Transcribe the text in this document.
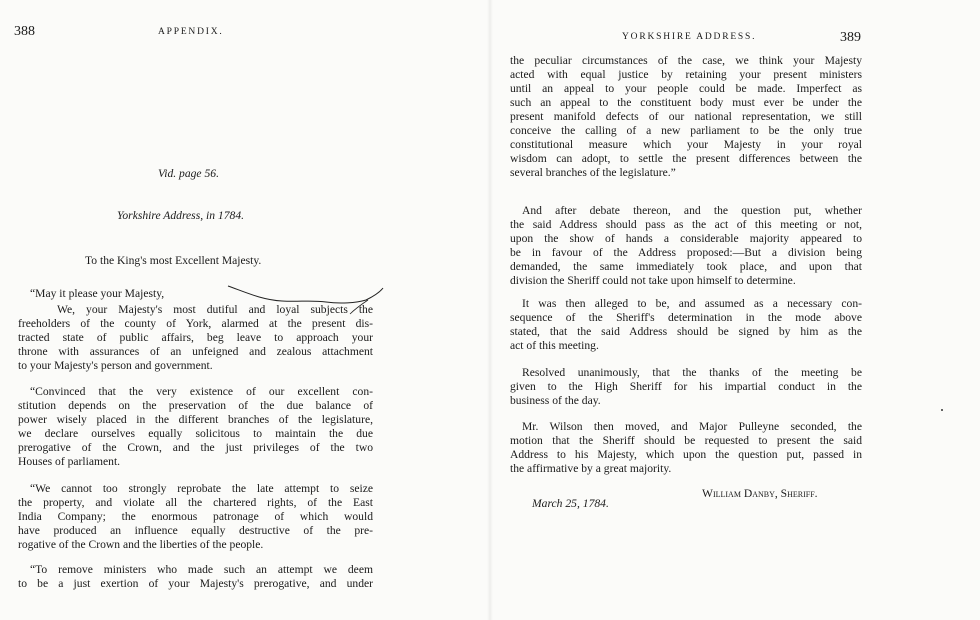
388	APPENDIX.
Vid. page 56.
Yorkshire Address, in 1784.
To the King's most Excellent Majesty.
“May it please your Majesty,
We, your Majesty's most dutiful and loyal subjects the
freeholders of the county of York, alarmed at the present dis-
tracted state of public affairs, beg leave to approach your
throne with assurances of an unfeigned and zealous attachment
to your Majesty's person and government.
“Convinced that the very existence of our excellent con-
stitution depends on the preservation of the due balance of
power wisely placed in the different branches of the legislature,
we declare ourselves equally solicitous to maintain the due
prerogative of the Crown, and the just privileges of the two
Houses of parliament.
“We cannot too strongly reprobate the late attempt to seize
the property, and violate all the chartered rights, of the East
India Company; the enormous patronage of which would
have produced an influence equally destructive of the pre-
rogative of the Crown and the liberties of the people.
“To remove ministers who made such an attempt we deem
to be a just exertion of your Majesty's prerogative, and under
YORKSHIRE ADDRESS.	389
the peculiar circumstances of the case, we think your Majesty
acted with equal justice by retaining your present ministers
until an appeal to your people could be made. Imperfect as
such an appeal to the constituent body must ever be under the
present manifold defects of our national representation, we still
conceive the calling of a new parliament to be the only true
constitutional measure which your Majesty in your royal
wisdom can adopt, to settle the present differences between the
several branches of the legislature.”
And after debate thereon, and the question put, whether
the said Address should pass as the act of this meeting or not,
upon the show of hands a considerable majority appeared to
be in favour of the Address proposed:—But a division being
demanded, the same immediately took place, and upon that
division the Sheriff could not take upon himself to determine.
It was then alleged to be, and assumed as a necessary con-
sequence of the Sheriff's determination in the mode above
stated, that the said Address should be signed by him as the
act of this meeting.
Resolved unanimously, that the thanks of the meeting be
given to the High Sheriff for his impartial conduct in the
business of the day.
Mr. Wilson then moved, and Major Pulleyne seconded, the
motion that the Sheriff should be requested to present the said
Address to his Majesty, which upon the question put, passed in
the affirmative by a great majority.
William Danby, Sheriff.
March 25, 1784.
